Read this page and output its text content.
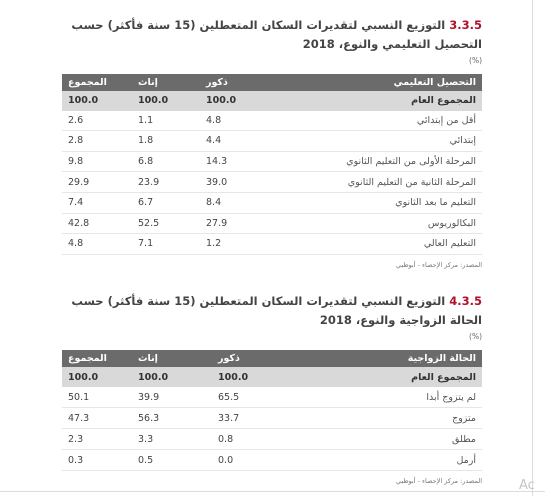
Ac
3.3.5 التوزيع النسبي لتقديرات السكان المتعطلين (15 سنة فأكثر) حسب التحصيل التعليمي والنوع، 2018
(%)
التحصيل التعليمي	ذكور	إناث	المجموع
المجموع العام	100.0	100.0	100.0
أقل من إبتدائي	4.8	1.1	2.6
إبتدائي	4.4	1.8	2.8
المرحلة الأولى من التعليم الثانوي	14.3	6.8	9.8
المرحلة الثانية من التعليم الثانوي	39.0	23.9	29.9
التعليم ما بعد الثانوي	8.4	6.7	7.4
البكالوريوس	27.9	52.5	42.8
التعليم العالي	1.2	7.1	4.8
المصدر: مركز الإحصاء - أبوظبي
4.3.5 التوزيع النسبي لتقديرات السكان المتعطلين (15 سنة فأكثر) حسب الحالة الزواجية والنوع، 2018
(%)
الحالة الزواجية	ذكور	إناث	المجموع
المجموع العام	100.0	100.0	100.0
لم يتزوج أبدا	65.5	39.9	50.1
متزوج	33.7	56.3	47.3
مطلق	0.8	3.3	2.3
أرمل	0.0	0.5	0.3
المصدر: مركز الإحصاء - أبوظبي
